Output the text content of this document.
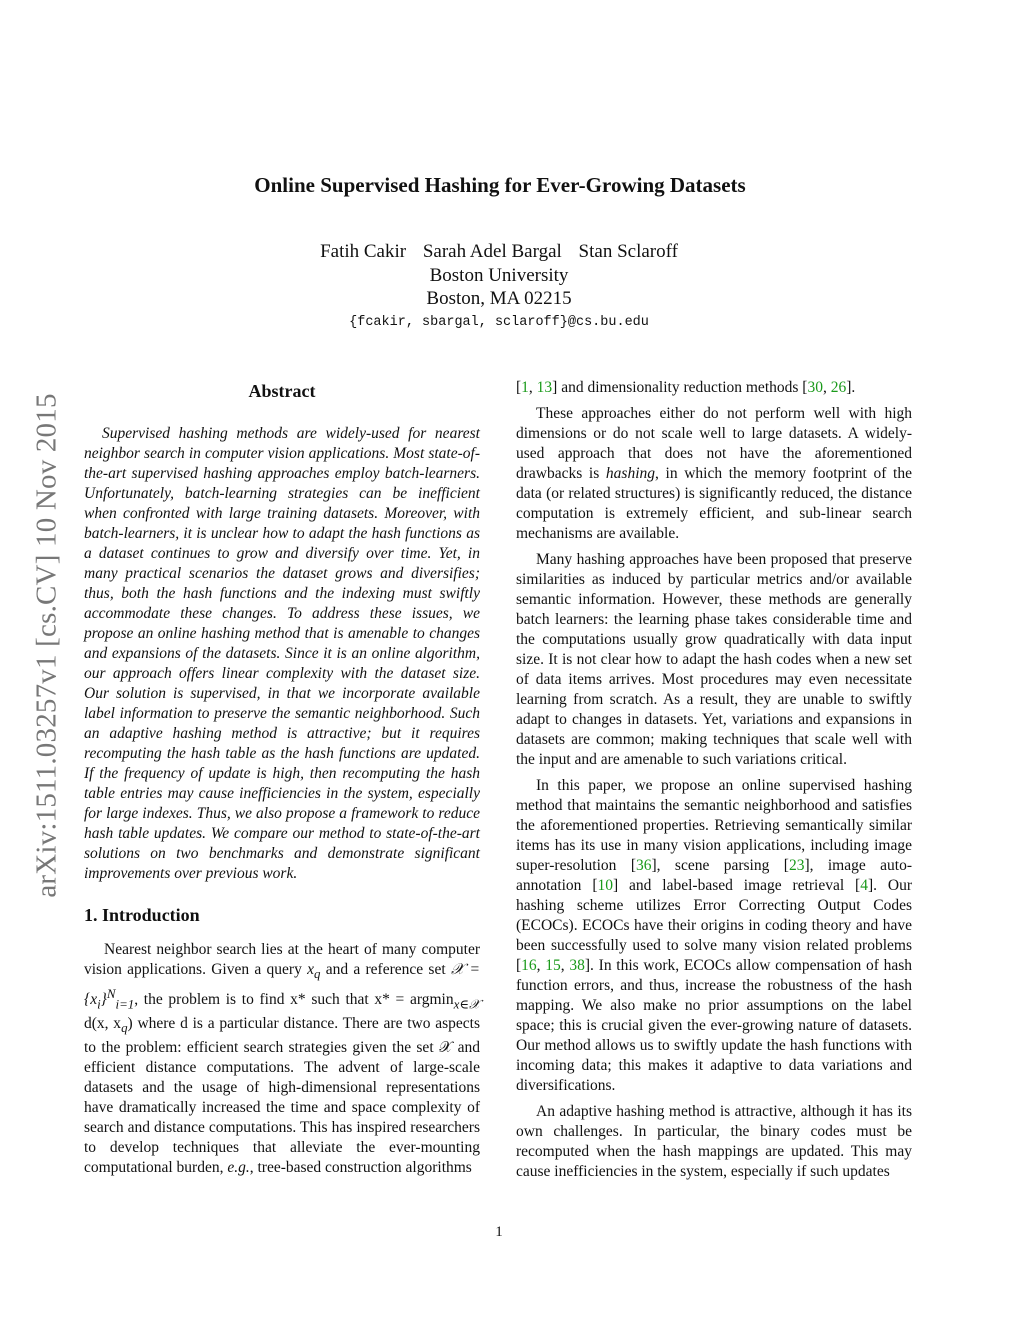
arXiv:1511.03257v1 [cs.CV] 10 Nov 2015
Online Supervised Hashing for Ever-Growing Datasets
Fatih Cakir Sarah Adel Bargal Stan Sclaroff
Boston University
Boston, MA 02215
{fcakir, sbargal, sclaroff}@cs.bu.edu
Abstract

Supervised hashing methods are widely-used for nearest neighbor search in computer vision applications. Most state-of-the-art supervised hashing approaches employ batch-learners. Unfortunately, batch-learning strategies can be inefficient when confronted with large training datasets. Moreover, with batch-learners, it is unclear how to adapt the hash functions as a dataset continues to grow and diversify over time. Yet, in many practical scenarios the dataset grows and diversifies; thus, both the hash functions and the indexing must swiftly accommodate these changes. To address these issues, we propose an online hashing method that is amenable to changes and expansions of the datasets. Since it is an online algorithm, our approach offers linear complexity with the dataset size. Our solution is supervised, in that we incorporate available label information to preserve the semantic neighborhood. Such an adaptive hashing method is attractive; but it requires recomputing the hash table as the hash functions are updated. If the frequency of update is high, then recomputing the hash table entries may cause inefficiencies in the system, especially for large indexes. Thus, we also propose a framework to reduce hash table updates. We compare our method to state-of-the-art solutions on two benchmarks and demonstrate significant improvements over previous work.

1. Introduction

Nearest neighbor search lies at the heart of many computer vision applications. Given a query $x_q$ and a reference set 𝒳 = $\{x_i\}^N_{i=1}$, the problem is to find x* such that x* = argmin$_{x\in 𝒳}$ d(x, $x_q$) where d is a particular distance. There are two aspects to the problem: efficient search strategies given the set 𝒳 and efficient distance computations. The advent of large-scale datasets and the usage of high-dimensional representations have dramatically increased the time and space complexity of search and distance computations. This has inspired researchers to develop techniques that alleviate the ever-mounting computational burden, e.g., tree-based construction algorithms

[1, 13] and dimensionality reduction methods [30, 26].

These approaches either do not perform well with high dimensions or do not scale well to large datasets. A widely-used approach that does not have the aforementioned drawbacks is hashing, in which the memory footprint of the data (or related structures) is significantly reduced, the distance computation is extremely efficient, and sub-linear search mechanisms are available.

Many hashing approaches have been proposed that preserve similarities as induced by particular metrics and/or available semantic information. However, these methods are generally batch learners: the learning phase takes considerable time and the computations usually grow quadratically with data input size. It is not clear how to adapt the hash codes when a new set of data items arrives. Most procedures may even necessitate learning from scratch. As a result, they are unable to swiftly adapt to changes in datasets. Yet, variations and expansions in datasets are common; making techniques that scale well with the input and are amenable to such variations critical.

In this paper, we propose an online supervised hashing method that maintains the semantic neighborhood and satisfies the aforementioned properties. Retrieving semantically similar items has its use in many vision applications, including image super-resolution [36], scene parsing [23], image auto-annotation [10] and label-based image retrieval [4]. Our hashing scheme utilizes Error Correcting Output Codes (ECOCs). ECOCs have their origins in coding theory and have been successfully used to solve many vision related problems [16, 15, 38]. In this work, ECOCs allow compensation of hash function errors, and thus, increase the robustness of the hash mapping. We also make no prior assumptions on the label space; this is crucial given the ever-growing nature of datasets. Our method allows us to swiftly update the hash functions with incoming data; this makes it adaptive to data variations and diversifications.

An adaptive hashing method is attractive, although it has its own challenges. In particular, the binary codes must be recomputed when the hash mappings are updated. This may cause inefficiencies in the system, especially if such updates

1
